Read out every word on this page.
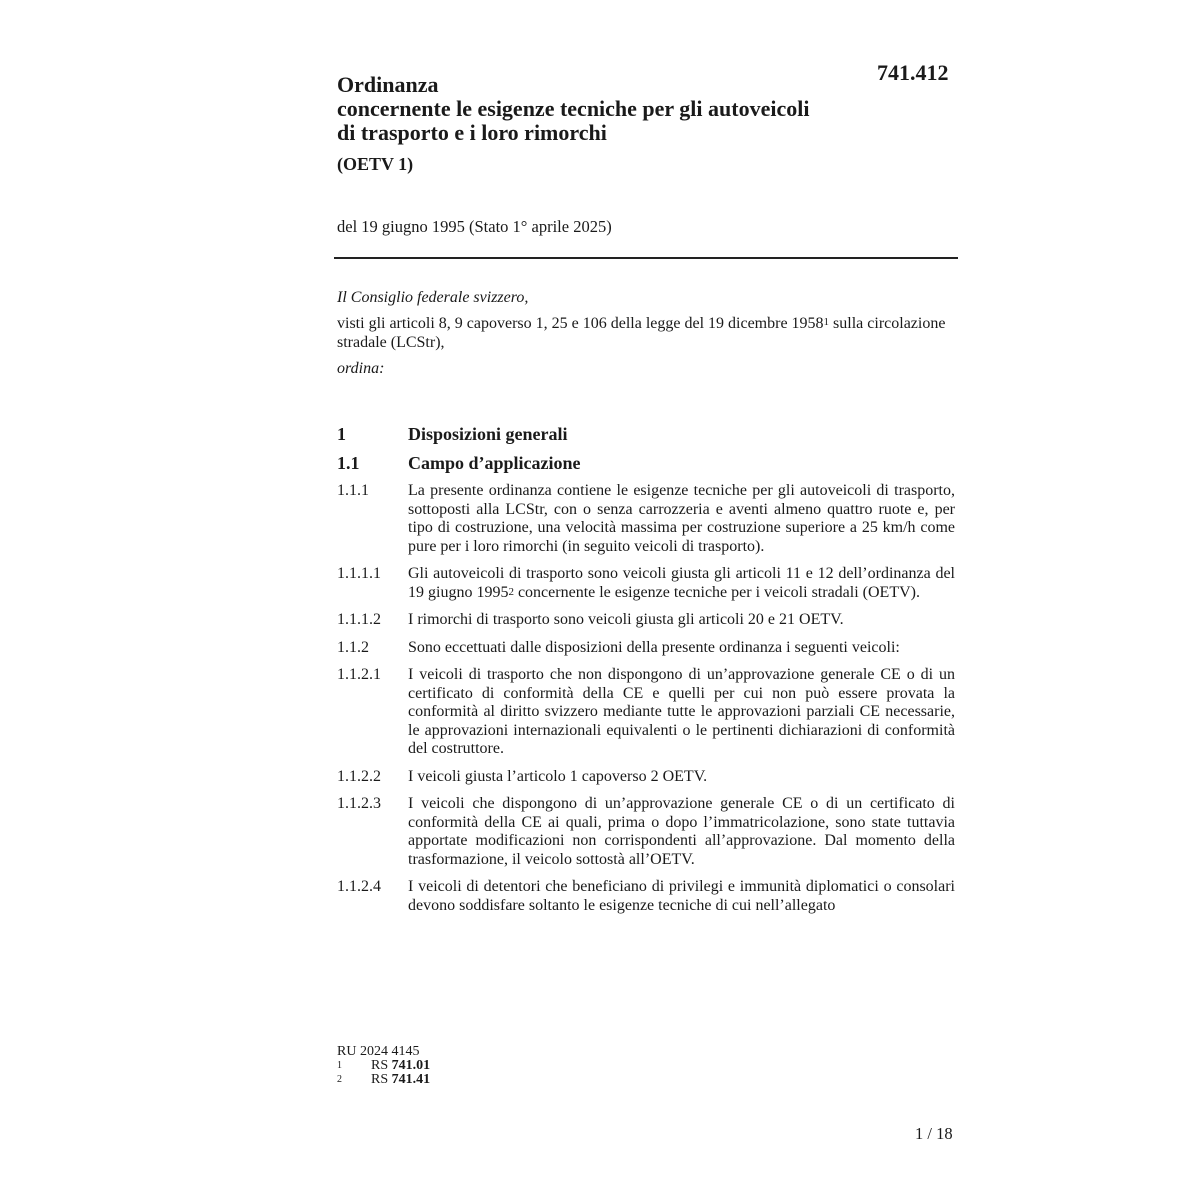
741.412
Ordinanza
concernente le esigenze tecniche per gli autoveicoli
di trasporto e i loro rimorchi
(OETV 1)
del 19 giugno 1995 (Stato 1° aprile 2025)

Il Consiglio federale svizzero,

visti gli articoli 8, 9 capoverso 1, 25 e 106 della legge del 19 dicembre 1958$^1$ sulla circolazione stradale (LCStr),

ordina:

1	Disposizioni generali
1.1	Campo d’applicazione
1.1.1	La presente ordinanza contiene le esigenze tecniche per gli autoveicoli di trasporto, sottoposti alla LCStr, con o senza carrozzeria e aventi almeno quattro ruote e, per tipo di costruzione, una velocità massima per costruzione superiore a 25 km/h come pure per i loro rimorchi (in seguito veicoli di trasporto).
1.1.1.1	Gli autoveicoli di trasporto sono veicoli giusta gli articoli 11 e 12 dell’ordinanza del 19 giugno 1995$^2$ concernente le esigenze tecniche per i veicoli stradali (OETV).
1.1.1.2	I rimorchi di trasporto sono veicoli giusta gli articoli 20 e 21 OETV.
1.1.2	Sono eccettuati dalle disposizioni della presente ordinanza i seguenti veicoli:
1.1.2.1	I veicoli di trasporto che non dispongono di un’approvazione generale CE o di un certificato di conformità della CE e quelli per cui non può essere provata la conformità al diritto svizzero mediante tutte le approvazioni parziali CE necessarie, le approvazioni internazionali equivalenti o le pertinenti dichiarazioni di conformità del costruttore.
1.1.2.2	I veicoli giusta l’articolo 1 capoverso 2 OETV.
1.1.2.3	I veicoli che dispongono di un’approvazione generale CE o di un certificato di conformità della CE ai quali, prima o dopo l’immatricolazione, sono state tuttavia apportate modificazioni non corrispondenti all’approvazione. Dal momento della trasformazione, il veicolo sottostà all’OETV.
1.1.2.4	I veicoli di detentori che beneficiano di privilegi e immunità diplomatici o consolari devono soddisfare soltanto le esigenze tecniche di cui nell’allegato
RU 2024 4145
1	RS 741.01
2	RS 741.41
1 / 18
